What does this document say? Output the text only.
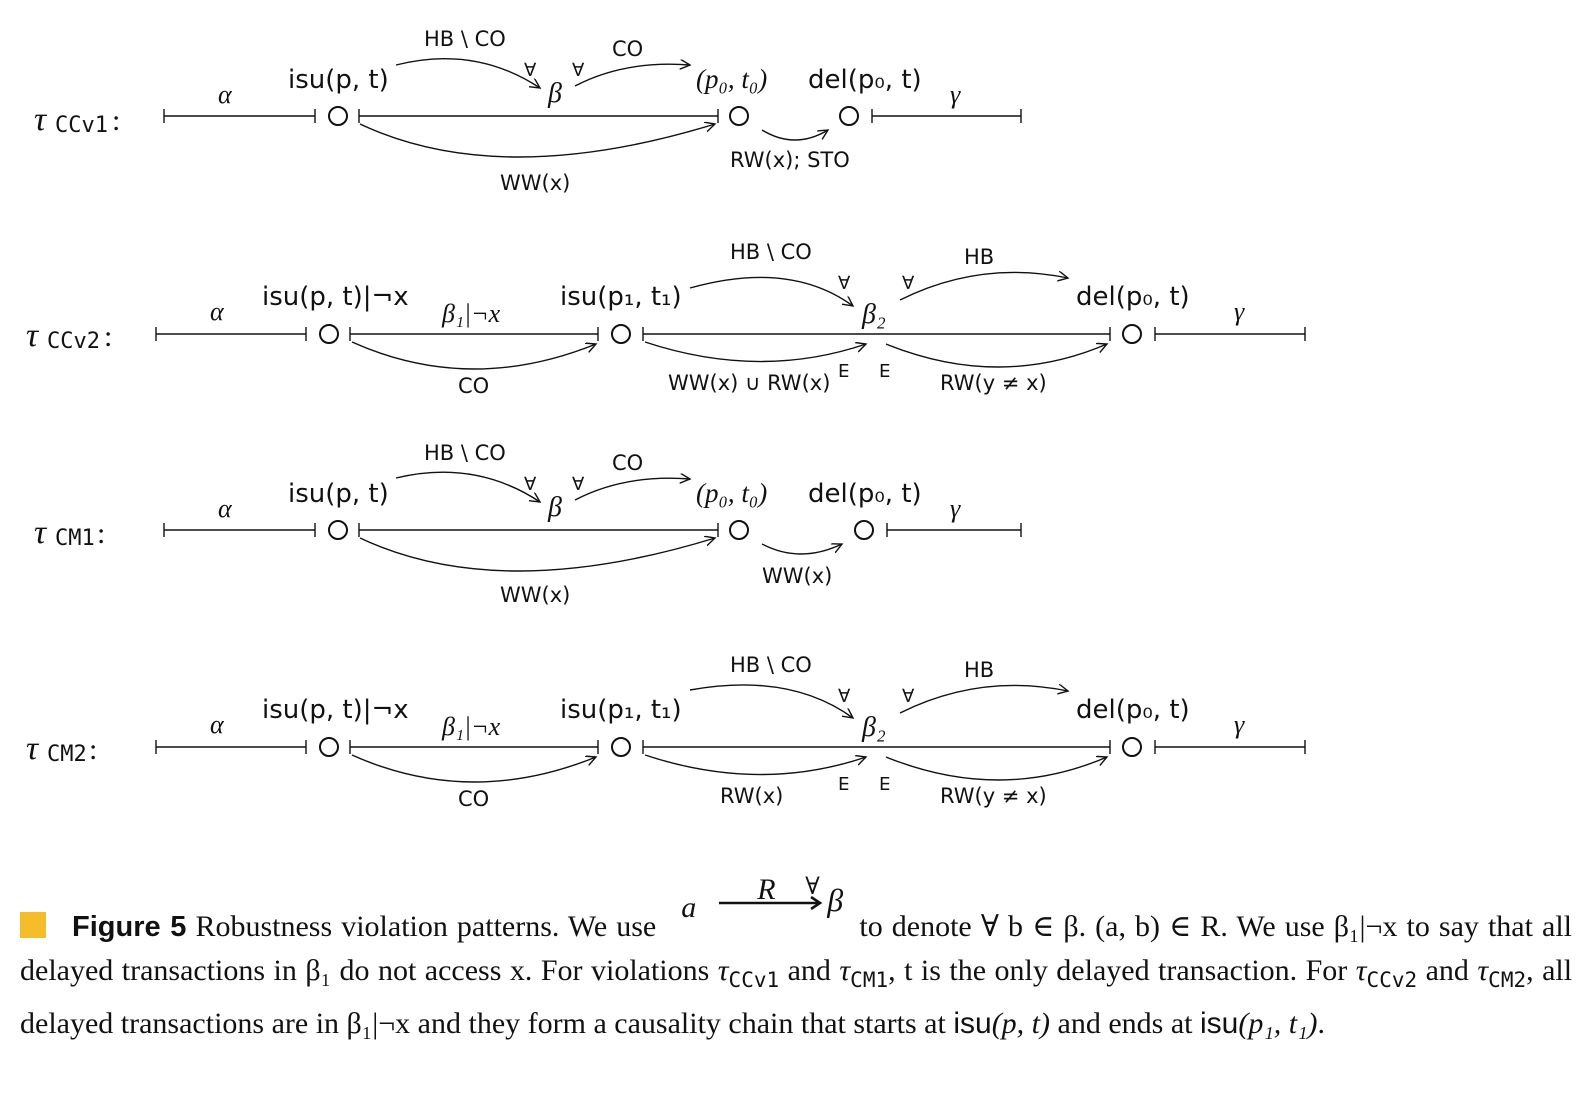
τ CCv1 :
α isu(p, t)
HB \ CO
∀
β
∀
CO
WW(x)
(p₀, t₀)
RW(x); STO
del(p₀, t) γ
τ CCv2 :
α isu(p, t)|¬x
β₁|¬x
CO
isu(p₁, t₁)
HB \ CO
∀
β₂
∀
HB
WW(x) ∪ RW(x)
∃ ∃
RW(y ≠ x)
del(p₀, t) γ
τ CM1 :
α isu(p, t)
HB \ CO
∀
β
∀
CO
WW(x)
(p₀, t₀)
WW(x)
del(p₀, t) γ
τ CM2 :
α isu(p, t)|¬x
β₁|¬x
CO
isu(p₁, t₁)
HB \ CO
∀
β₂
∀
HB
RW(x)
∃ ∃
RW(y ≠ x)
del(p₀, t) γ

Figure 5 Robustness violation patterns. We use
a
R ∀ β
to denote ∀ b ∈ β. (a, b) ∈ R. We use β₁|¬x to say that all delayed transactions in β₁ do not access x. For violations $\tau_{CCv1}$ and $\tau_{CM1}$, t is the only delayed transaction. For $\tau_{CCv2}$ and $\tau_{CM2}$, all delayed transactions are in β₁|¬x and they form a causality chain that starts at isu(p, t) and ends at isu(p₁, t₁).
